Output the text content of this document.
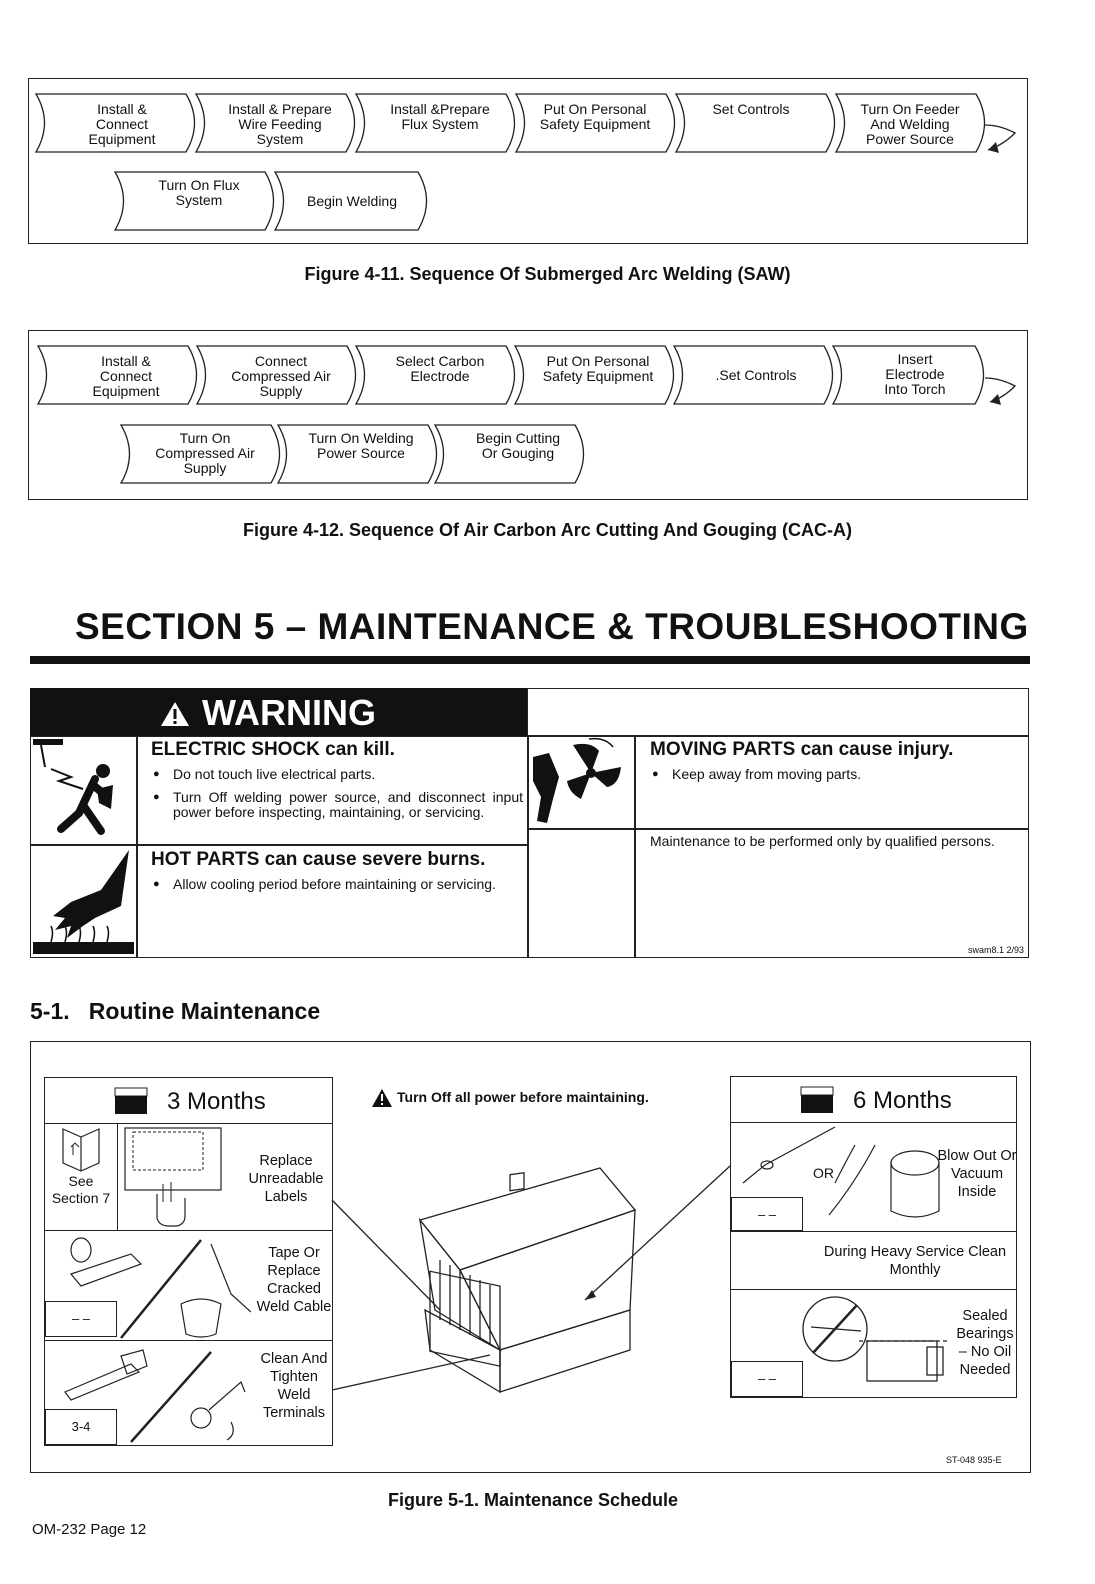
Install & Connect Equipment
Install & Prepare Wire Feeding System
Install &Prepare Flux System
Put On Personal Safety Equipment
Set Controls	Turn On Feeder And Welding Power Source
Turn On Flux System	Begin Welding
Figure 4-11. Sequence Of Submerged Arc Welding (SAW)
Install & Connect Equipment
Connect Compressed Air Supply
Select Carbon Electrode
Put On Personal Safety Equipment	.Set Controls
Insert Electrode Into Torch
Turn On Compressed Air Supply
Turn On Welding Power Source
Begin Cutting Or Gouging
Figure 4-12. Sequence Of Air Carbon Arc Cutting And Gouging (CAC-A)
SECTION 5 – MAINTENANCE & TROUBLESHOOTING
WARNING
ELECTRIC SHOCK can kill.
● Do not touch live electrical parts.
● Turn Off welding power source, and disconnect input power before inspecting, maintaining, or servicing.
HOT PARTS can cause severe burns.
● Allow cooling period before maintaining or servicing.
MOVING PARTS can cause injury.
● Keep away from moving parts.
Maintenance to be performed only by qualified persons.
swam8.1 2/93
5-1.   Routine Maintenance
Turn Off all power before maintaining.
3 Months
See Section 7
Replace Unreadable Labels
Tape Or Replace Cracked Weld Cable
– –
Clean And Tighten Weld Terminals
3-4
6 Months
OR
Blow Out Or Vacuum Inside
– –
During Heavy Service Clean Monthly
Sealed Bearings – No Oil Needed
– –
ST-048 935-E
Figure 5-1. Maintenance Schedule
OM-232 Page 12
